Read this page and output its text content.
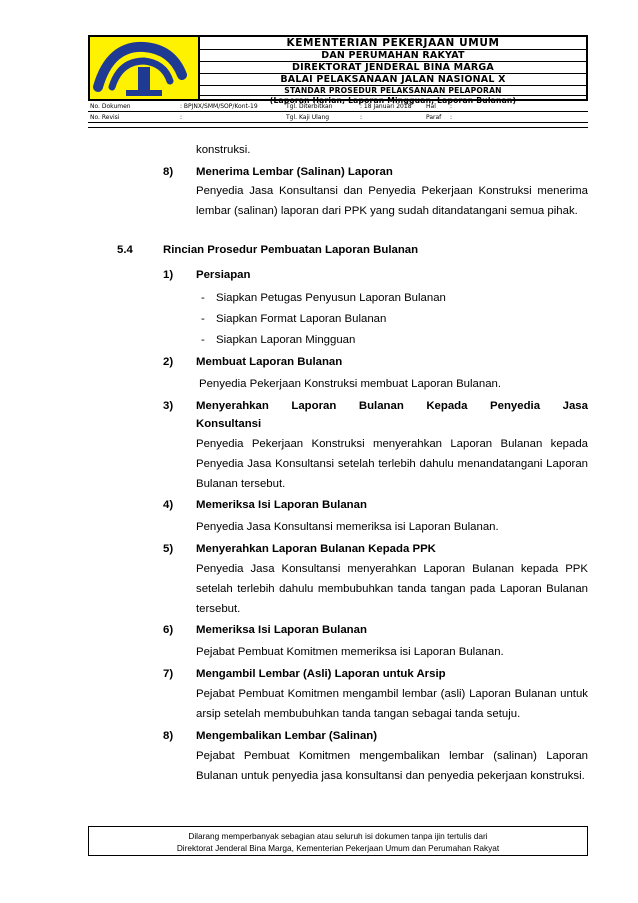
KEMENTERIAN PEKERJAAN UMUM
DAN PERUMAHAN RAKYAT
DIREKTORAT JENDERAL BINA MARGA
BALAI PELAKSANAAN JALAN NASIONAL X
STANDAR PROSEDUR PELAKSANAAN PELAPORAN
(Laporan Harian, Laporan Mingguan, Laporan Bulanan)
No. Dokumen	: BPJNX/SMM/SOP/Kont-19	Tgl. Diterbitkan	: 18 Januari 2018 Hal :
No. Revisi	:	Tgl. Kaji Ulang	:	Paraf :
konstruksi.
8) Menerima Lembar (Salinan) Laporan
Penyedia Jasa Konsultansi dan Penyedia Pekerjaan Konstruksi menerima lembar (salinan) laporan dari PPK yang sudah ditandatangani semua pihak.
5.4	Rincian Prosedur Pembuatan Laporan Bulanan
1) Persiapan
- Siapkan Petugas Penyusun Laporan Bulanan
- Siapkan Format Laporan Bulanan
- Siapkan Laporan Mingguan
2) Membuat Laporan Bulanan
Penyedia Pekerjaan Konstruksi membuat Laporan Bulanan.
3) Menyerahkan Laporan Bulanan Kepada Penyedia Jasa
Konsultansi
Penyedia Pekerjaan Konstruksi menyerahkan Laporan Bulanan kepada Penyedia Jasa Konsultansi setelah terlebih dahulu menandatangani Laporan Bulanan tersebut.
4) Memeriksa Isi Laporan Bulanan
Penyedia Jasa Konsultansi memeriksa isi Laporan Bulanan.
5) Menyerahkan Laporan Bulanan Kepada PPK
Penyedia Jasa Konsultansi menyerahkan Laporan Bulanan kepada PPK setelah terlebih dahulu membubuhkan tanda tangan pada Laporan Bulanan tersebut.
6) Memeriksa Isi Laporan Bulanan
Pejabat Pembuat Komitmen memeriksa isi Laporan Bulanan.
7) Mengambil Lembar (Asli) Laporan untuk Arsip
Pejabat Pembuat Komitmen mengambil lembar (asli) Laporan Bulanan untuk arsip setelah membubuhkan tanda tangan sebagai tanda setuju.
8) Mengembalikan Lembar (Salinan)
Pejabat Pembuat Komitmen mengembalikan lembar (salinan) Laporan Bulanan untuk penyedia jasa konsultansi dan penyedia pekerjaan konstruksi.
Dilarang memperbanyak sebagian atau seluruh isi dokumen tanpa ijin tertulis dari
Direktorat Jenderal Bina Marga, Kementerian Pekerjaan Umum dan Perumahan Rakyat
